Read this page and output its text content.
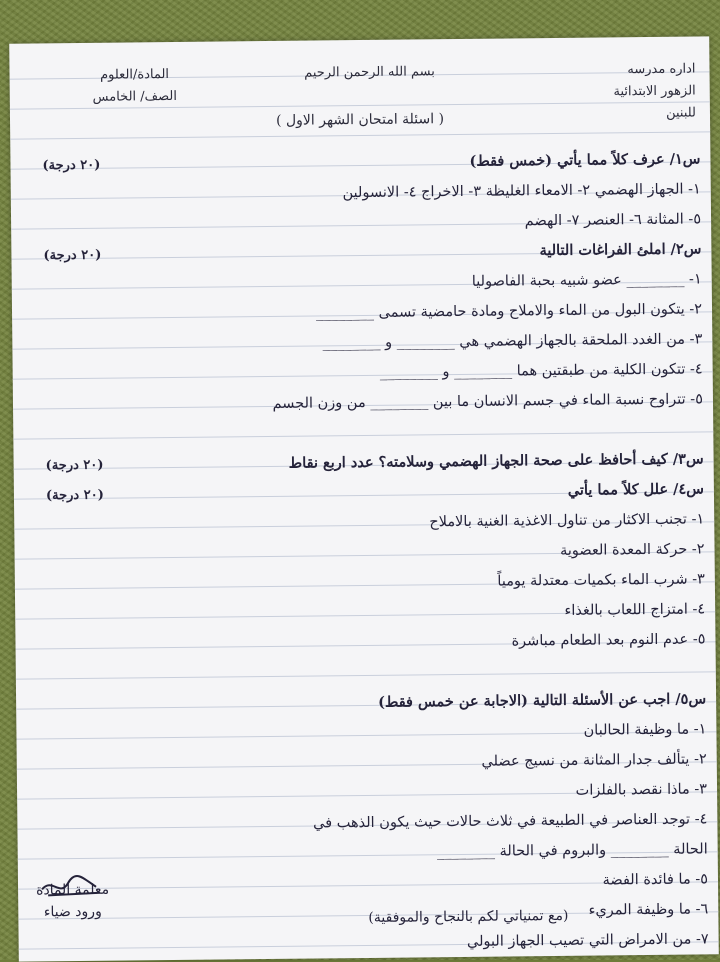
اداره مدرسه
الزهور الابتدائية
للبنين
بسم الله الرحمن الرحيم
المادة/العلوم
الصف/ الخامس
( اسئلة امتحان الشهر الاول )
س١/ عرف كلاً مما يأتي (خمس فقط)
(٢٠ درجة)
١- الجهاز الهضمي ٢- الامعاء الغليظة ٣- الاخراج ٤- الانسولين
٥- المثانة ٦- العنصر ٧- الهضم
س٢/ املئ الفراغات التالية
(٢٠ درجة)
١- ________ عضو شبيه بحبة الفاصوليا
٢- يتكون البول من الماء والاملاح ومادة حامضية تسمى ________
٣- من الغدد الملحقة بالجهاز الهضمي هي ________ و ________
٤- تتكون الكلية من طبقتين هما ________ و ________
٥- تتراوح نسبة الماء في جسم الانسان ما بين ________ من وزن الجسم
س٣/ كيف أحافظ على صحة الجهاز الهضمي وسلامته؟ عدد اربع نقاط
(٢٠ درجة)
س٤/ علل كلاً مما يأتي
(٢٠ درجة)
١- تجنب الاكثار من تناول الاغذية الغنية بالاملاح
٢- حركة المعدة العضوية
٣- شرب الماء بكميات معتدلة يومياً
٤- امتزاج اللعاب بالغذاء
٥- عدم النوم بعد الطعام مباشرة
س٥/ اجب عن الأسئلة التالية (الاجابة عن خمس فقط)
١- ما وظيفة الحالبان
٢- يتألف جدار المثانة من نسيج عضلي
٣- ماذا نقصد بالفلزات
٤- توجد العناصر في الطبيعة في ثلاث حالات حيث يكون الذهب في
الحالة ________ والبروم في الحالة ________
٥- ما فائدة الفضة
٦- ما وظيفة المريء
٧- من الامراض التي تصيب الجهاز البولي
(مع تمنياتي لكم بالنجاح والموفقية)
معلمة المادة
ورود ضياء
